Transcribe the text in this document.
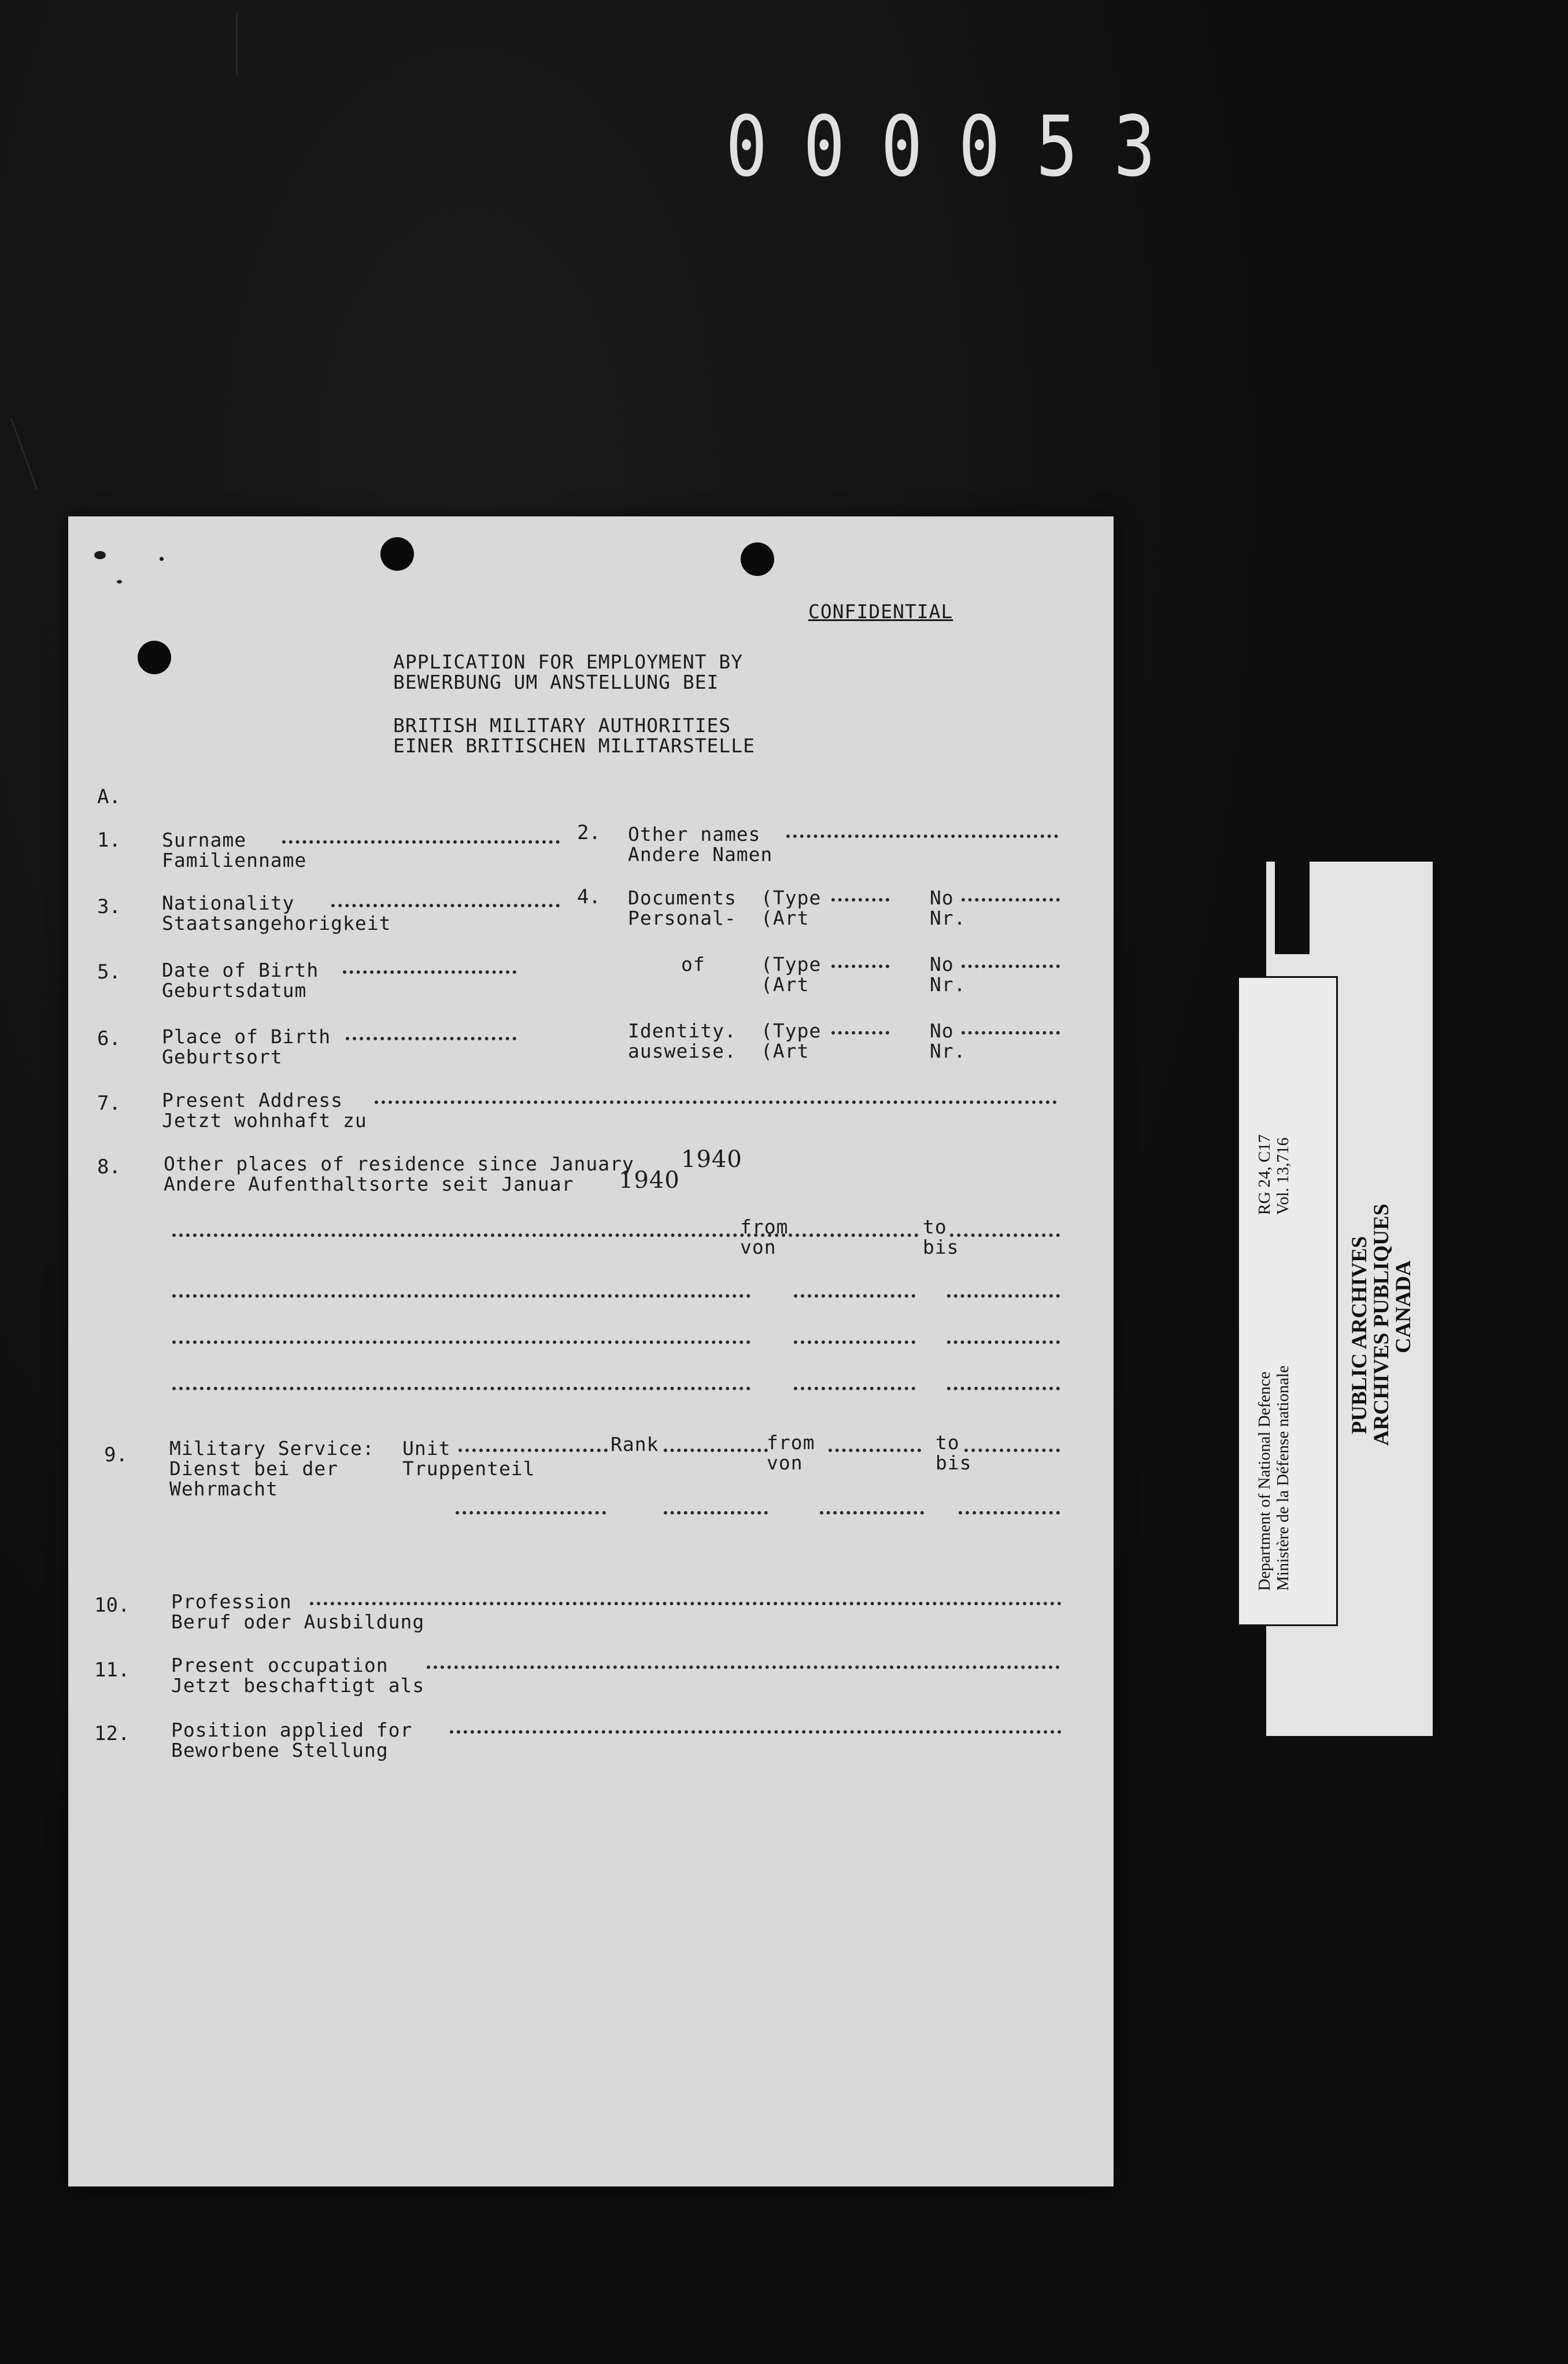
000053
CONFIDENTIAL
APPLICATION FOR EMPLOYMENT BY
BEWERBUNG UM ANSTELLUNG BEI
BRITISH MILITARY AUTHORITIES
EINER BRITISCHEN MILITARSTELLE
A.
1. Surname
Familienname
2. Other names
Andere Namen
3. Nationality
Staatsangehorigkeit
4. Documents
Personal-
(Type
(Art
No
Nr.
5. Date of Birth
Geburtsdatum
of	(Type
(Art
No
Nr.
6. Place of Birth
Geburtsort
Identity.
ausweise.
(Type
(Art
No
Nr.
7. Present Address
Jetzt wohnhaft zu
8. Other places of residence since January
Andere Aufenthaltsorte seit Januar
1940
1940
from
von
to
bis
9. Military Service:
Dienst bei der
Wehrmacht
Unit
Truppenteil
Rank	from
von
to
bis
10. Profession
Beruf oder Ausbildung
11. Present occupation
Jetzt beschaftigt als
12. Position applied for
Beworbene Stellung
Department of National Defence Ministère de la Défense nationale
RG 24, C17 Vol. 13,716
PUBLIC ARCHIVES
ARCHIVES PUBLIQUES
CANADA
